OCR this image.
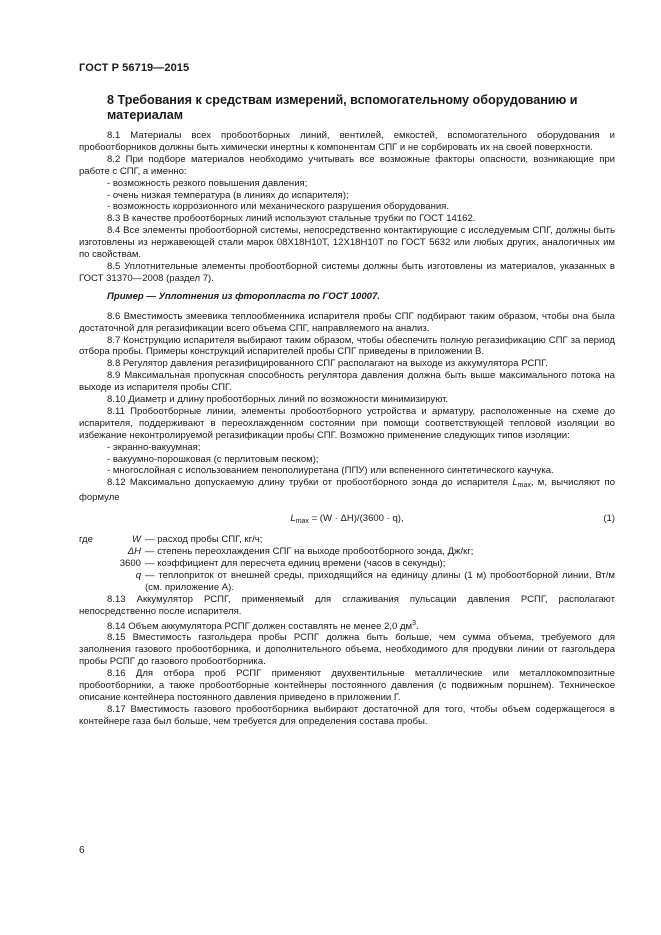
ГОСТ Р 56719—2015
8 Требования к средствам измерений, вспомогательному оборудованию и материалам

8.1 Материалы всех пробоотборных линий, вентилей, емкостей, вспомогательного оборудования и пробоотборников должны быть химически инертны к компонентам СПГ и не сорбировать их на своей поверхности.

8.2 При подборе материалов необходимо учитывать все возможные факторы опасности, возникающие при работе с СПГ, а именно:

- возможность резкого повышения давления;

- очень низкая температура (в линиях до испарителя);

- возможность коррозионного или механического разрушения оборудования.

8.3 В качестве пробоотборных линий используют стальные трубки по ГОСТ 14162.

8.4 Все элементы пробоотборной системы, непосредственно контактирующие с исследуемым СПГ, должны быть изготовлены из нержавеющей стали марок 08Х18Н10Т, 12Х18Н10Т по ГОСТ 5632 или любых других, аналогичных им по свойствам.

8.5 Уплотнительные элементы пробоотборной системы должны быть изготовлены из материалов, указанных в ГОСТ 31370—2008 (раздел 7).

Пример — Уплотнения из фторопласта по ГОСТ 10007.

8.6 Вместимость змеевика теплообменника испарителя пробы СПГ подбирают таким образом, чтобы она была достаточной для регазификации всего объема СПГ, направляемого на анализ.

8.7 Конструкцию испарителя выбирают таким образом, чтобы обеспечить полную регазификацию СПГ за период отбора пробы. Примеры конструкций испарителей пробы СПГ приведены в приложении В.

8.8 Регулятор давления регазифицированного СПГ располагают на выходе из аккумулятора РСПГ.

8.9 Максимальная пропускная способность регулятора давления должна быть выше максимального потока на выходе из испарителя пробы СПГ.

8.10 Диаметр и длину пробоотборных линий по возможности минимизируют.

8.11 Пробоотборные линии, элементы пробоотборного устройства и арматуру, расположенные на схеме до испарителя, поддерживают в переохлажденном состоянии при помощи соответствующей тепловой изоляции во избежание неконтролируемой регазификации пробы СПГ. Возможно применение следующих типов изоляции:

- экранно-вакуумная;

- вакуумно-порошковая (с перлитовым песком);

- многослойная с использованием пенополиуретана (ППУ) или вспененного синтетического каучука.

8.12 Максимально допускаемую длину трубки от пробоотборного зонда до испарителя $L_{max}$, м, вычисляют по формуле

$L_{max} = (W \cdot \Delta H)/(3600 \cdot q)$,	(1)
где	W	— расход пробы СПГ, кг/ч;
	ΔH	— степень переохлаждения СПГ на выходе пробоотборного зонда, Дж/кг;
	3600	— коэффициент для пересчета единиц времени (часов в секунды);
	q	— теплоприток от внешней среды, приходящийся на единицу длины (1 м) пробоотборной линии, Вт/м (см. приложение А).

8.13 Аккумулятор РСПГ, применяемый для сглаживания пульсации давления РСПГ, располагают непосредственно после испарителя.

8.14 Объем аккумулятора РСПГ должен составлять не менее 2,0 $дм^3$.

8.15 Вместимость газгольдера пробы РСПГ должна быть больше, чем сумма объема, требуемого для заполнения газового пробоотборника, и дополнительного объема, необходимого для продувки линии от газгольдера пробы РСПГ до газового пробоотборника.

8.16 Для отбора проб РСПГ применяют двухвентильные металлические или металлокомпозитные пробоотборники, а также пробоотборные контейнеры постоянного давления (с подвижным поршнем). Техническое описание контейнера постоянного давления приведено в приложении Г.

8.17 Вместимость газового пробоотборника выбирают достаточной для того, чтобы объем содержащегося в контейнере газа был больше, чем требуется для определения состава пробы.

6
